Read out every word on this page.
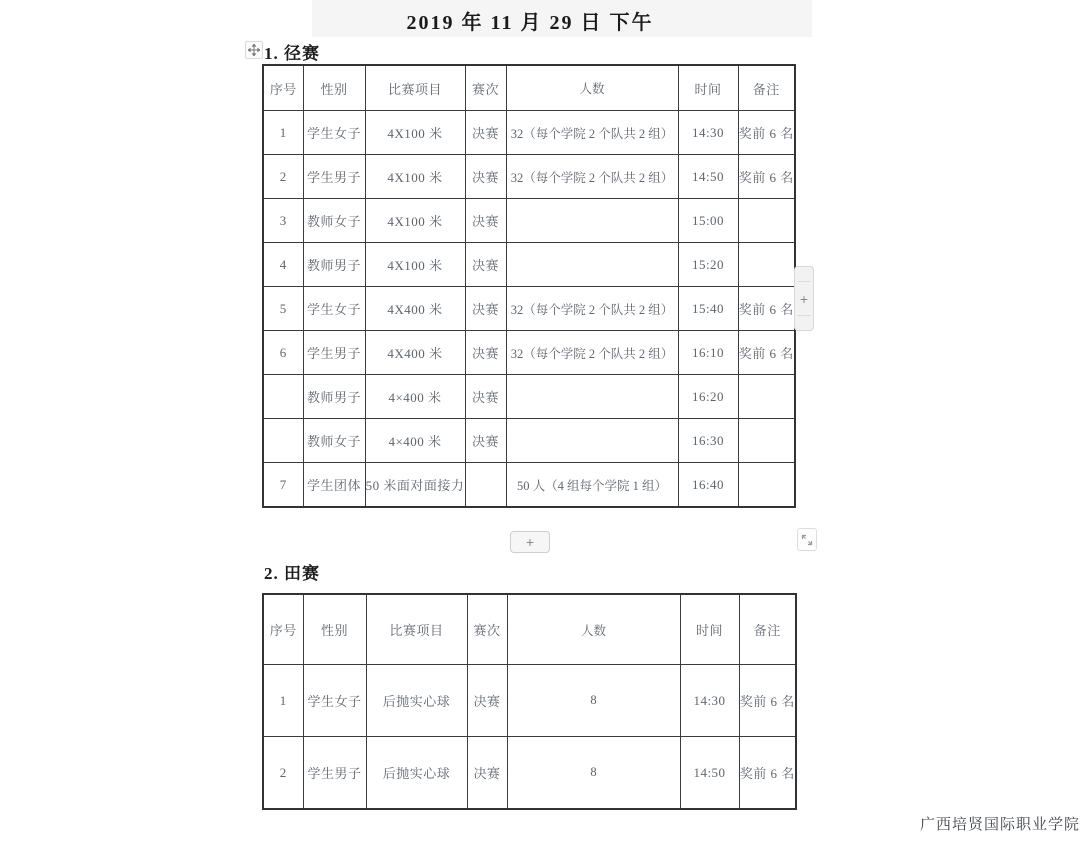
2019 年 11 月 29 日 下午
1. 径赛
序号	性别	比赛项目	赛次	人数	时间	备注
1	学生女子	4X100 米	决赛	32（每个学院 2 个队共 2 组）	14:30	奖前 6 名
2	学生男子	4X100 米	决赛	32（每个学院 2 个队共 2 组）	14:50	奖前 6 名
3	教师女子	4X100 米	决赛		15:00	
4	教师男子	4X100 米	决赛		15:20	
5	学生女子	4X400 米	决赛	32（每个学院 2 个队共 2 组）	15:40	奖前 6 名
6	学生男子	4X400 米	决赛	32（每个学院 2 个队共 2 组）	16:10	奖前 6 名
	教师男子	4×400 米	决赛		16:20	
	教师女子	4×400 米	决赛		16:30	
7	学生团体	50 米面对面接力		50 人（4 组每个学院 1 组）	16:40	
+
+
2. 田赛
序号	性别	比赛项目	赛次	人数	时间	备注
1	学生女子	后抛实心球	决赛	8	14:30	奖前 6 名
2	学生男子	后抛实心球	决赛	8	14:50	奖前 6 名
广西培贤国际职业学院
